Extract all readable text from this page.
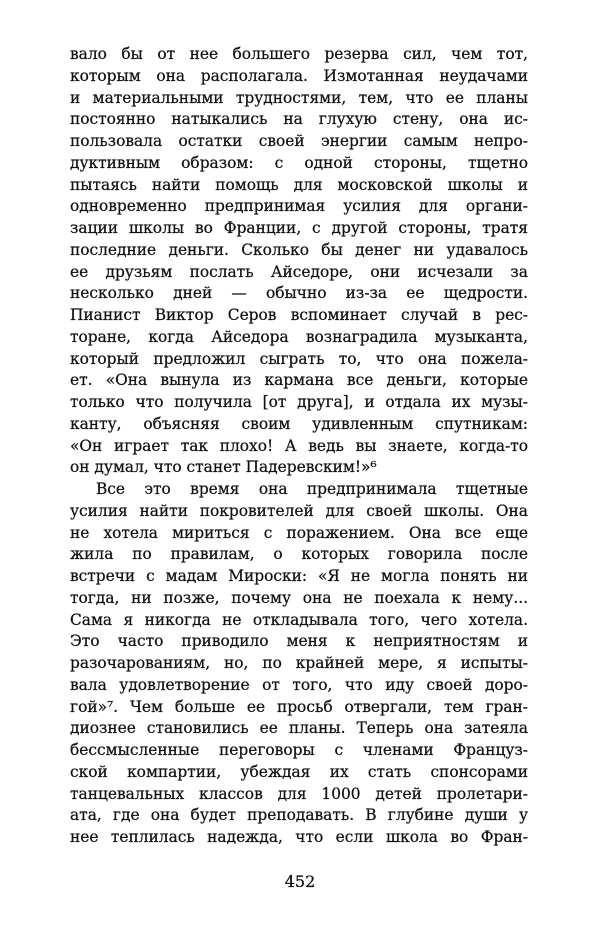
вало бы от нее большего резерва сил, чем тот,
которым она располагала. Измотанная неудачами
и материальными трудностями, тем, что ее планы
постоянно натыкались на глухую стену, она ис-
пользовала остатки своей энергии самым непро-
дуктивным образом: с одной стороны, тщетно
пытаясь найти помощь для московской школы и
одновременно предпринимая усилия для органи-
зации школы во Франции, с другой стороны, тратя
последние деньги. Сколько бы денег ни удавалось
ее друзьям послать Айседоре, они исчезали за
несколько дней — обычно из-за ее щедрости.
Пианист Виктор Серов вспоминает случай в рес-
торане, когда Айседора вознаградила музыканта,
который предложил сыграть то, что она пожела-
ет. «Она вынула из кармана все деньги, которые
только что получила [от друга], и отдала их музы-
канту, объясняя своим удивленным спутникам:
«Он играет так плохо! А ведь вы знаете, когда-то
он думал, что станет Падеревским!»⁶
Все это время она предпринимала тщетные
усилия найти покровителей для своей школы. Она
не хотела мириться с поражением. Она все еще
жила по правилам, о которых говорила после
встречи с мадам Мироски: «Я не могла понять ни
тогда, ни позже, почему она не поехала к нему...
Сама я никогда не откладывала того, чего хотела.
Это часто приводило меня к неприятностям и
разочарованиям, но, по крайней мере, я испыты-
вала удовлетворение от того, что иду своей доро-
гой»⁷. Чем больше ее просьб отвергали, тем гран-
диознее становились ее планы. Теперь она затеяла
бессмысленные переговоры с членами Француз-
ской компартии, убеждая их стать спонсорами
танцевальных классов для 1000 детей пролетари-
ата, где она будет преподавать. В глубине души у
нее теплилась надежда, что если школа во Фран-
452
